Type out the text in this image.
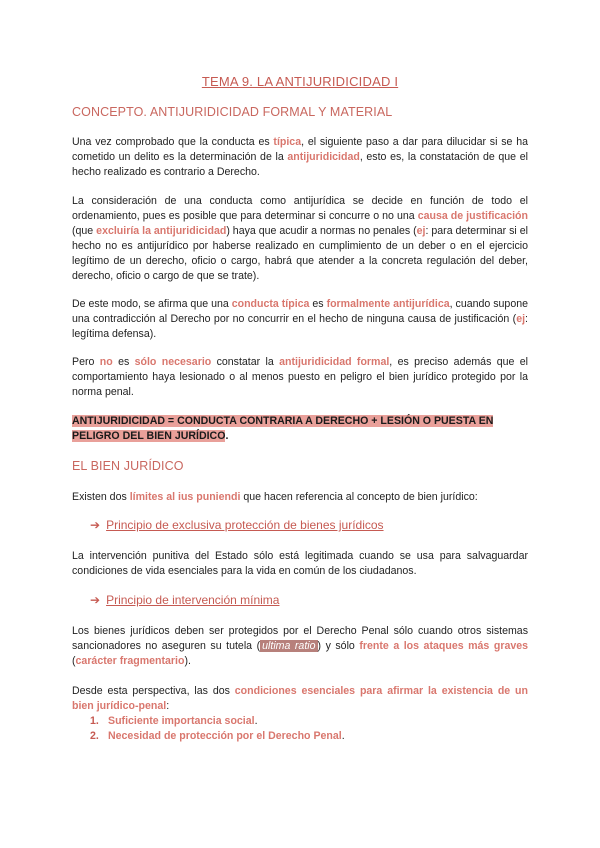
TEMA 9. LA ANTIJURIDICIDAD I
CONCEPTO. ANTIJURIDICIDAD FORMAL Y MATERIAL
Una vez comprobado que la conducta es típica, el siguiente paso a dar para dilucidar si se ha cometido un delito es la determinación de la antijuridicidad, esto es, la constatación de que el hecho realizado es contrario a Derecho.
La consideración de una conducta como antijurídica se decide en función de todo el ordenamiento, pues es posible que para determinar si concurre o no una causa de justificación (que excluiría la antijuridicidad) haya que acudir a normas no penales (ej: para determinar si el hecho no es antijurídico por haberse realizado en cumplimiento de un deber o en el ejercicio legítimo de un derecho, oficio o cargo, habrá que atender a la concreta regulación del deber, derecho, oficio o cargo de que se trate).
De este modo, se afirma que una conducta típica es formalmente antijurídica, cuando supone una contradicción al Derecho por no concurrir en el hecho de ninguna causa de justificación (ej: legítima defensa).
Pero no es sólo necesario constatar la antijuridicidad formal, es preciso además que el comportamiento haya lesionado o al menos puesto en peligro el bien jurídico protegido por la norma penal.
ANTIJURIDICIDAD = CONDUCTA CONTRARIA A DERECHO + LESIÓN O PUESTA EN PELIGRO DEL BIEN JURÍDICO.
EL BIEN JURÍDICO
Existen dos límites al ius puniendi que hacen referencia al concepto de bien jurídico:
➔ Principio de exclusiva protección de bienes jurídicos
La intervención punitiva del Estado sólo está legitimada cuando se usa para salvaguardar condiciones de vida esenciales para la vida en común de los ciudadanos.
➔ Principio de intervención mínima
Los bienes jurídicos deben ser protegidos por el Derecho Penal sólo cuando otros sistemas sancionadores no aseguren su tutela ( ultima ratio ) y sólo frente a los ataques más graves (carácter fragmentario).
Desde esta perspectiva, las dos condiciones esenciales para afirmar la existencia de un bien jurídico-penal:
1. Suficiente importancia social.
2. Necesidad de protección por el Derecho Penal.
